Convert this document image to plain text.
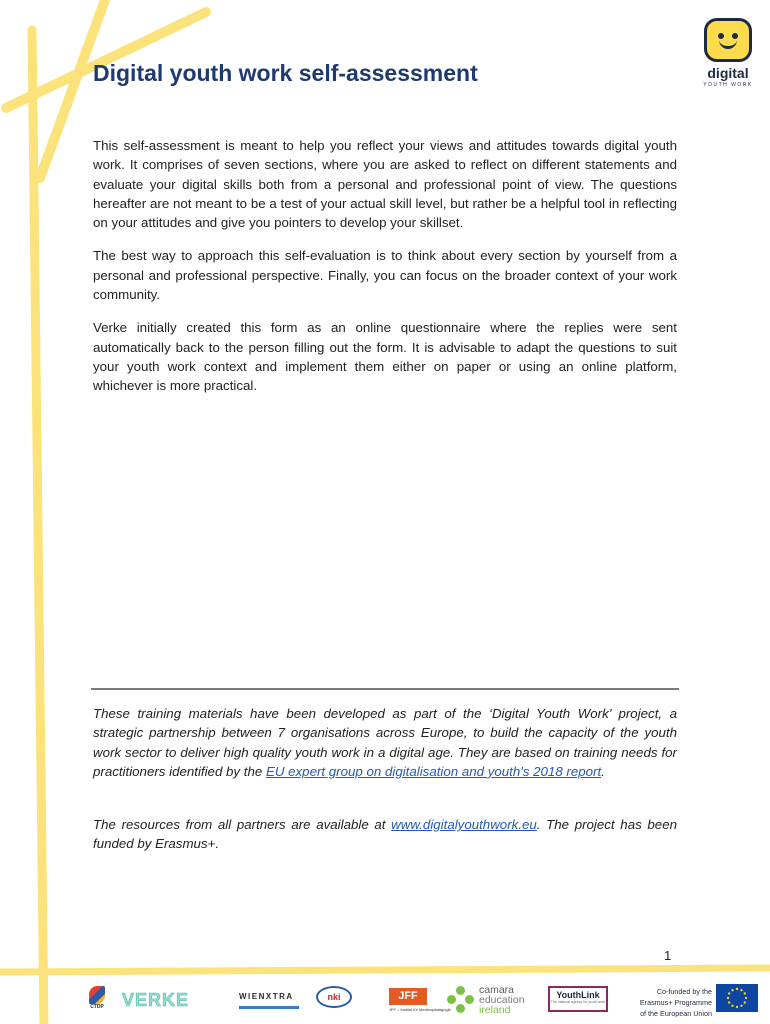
digital
YOUTH WORK
Digital youth work self-assessment

This self-assessment is meant to help you reflect your views and attitudes towards digital youth work. It comprises of seven sections, where you are asked to reflect on different statements and evaluate your digital skills both from a personal and professional point of view. The questions hereafter are not meant to be a test of your actual skill level, but rather be a helpful tool in reflecting on your attitudes and give you pointers to develop your skillset.

The best way to approach this self-evaluation is to think about every section by yourself from a personal and professional perspective. Finally, you can focus on the broader context of your work community.

Verke initially created this form as an online questionnaire where the replies were sent automatically back to the person filling out the form. It is advisable to adapt the questions to suit your youth work context and implement them either on paper or using an online platform, whichever is more practical.

These training materials have been developed as part of the ‘Digital Youth Work’ project, a strategic partnership between 7 organisations across Europe, to build the capacity of the youth work sector to deliver high quality youth work in a digital age. They are based on training needs for practitioners identified by the EU expert group on digitalisation and youth's 2018 report.

The resources from all partners are available at www.digitalyouthwork.eu. The project has been funded by Erasmus+.

1
CTDP VERKE	WIENXTRA	nki	JFF
JFF – Institut für Medienpädagogik
camara
education
ireland
YouthLink
The national agency for youth work
Co-funded by the
Erasmus+ Programme
of the European Union
